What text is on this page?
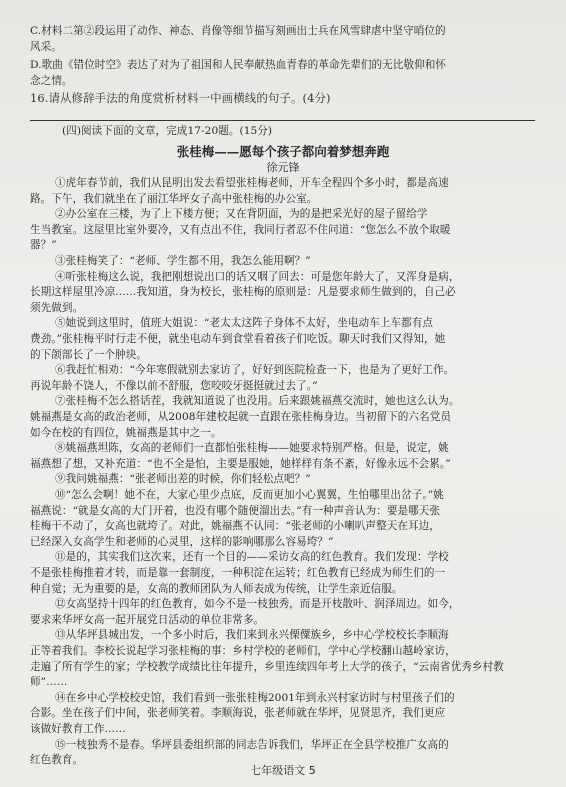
C.材料二第②段运用了动作、神态、肖像等细节描写刻画出士兵在风雪肆虐中坚守哨位的
风采。
D.歌曲《错位时空》表达了对为了祖国和人民奉献热血青春的革命先辈们的无比敬仰和怀
念之情。
16.请从修辞手法的角度赏析材料一中画横线的句子。(4分)
(四)阅读下面的文章，完成17-20题。(15分)
张桂梅——愿每个孩子都向着梦想奔跑
徐元锋
①虎年春节前，我们从昆明出发去看望张桂梅老师，开车全程四个多小时，都是高速
路。下午，我们就坐在了丽江华坪女子高中张桂梅的办公室。
②办公室在三楼，为了上下楼方便；又在背阴面，为的是把采光好的屋子留给学
生当教室。这屋里比室外要冷，又有点出不住，我同行者忍不住问道：“您怎么不放个取暖
器？”
③张桂梅笑了：“老师、学生都不用，我怎么能用啊？”
④听张桂梅这么说，我把刚想说出口的话又咽了回去：可是您年龄大了，又浑身是病，
长期这样屋里冷凉……我知道，身为校长，张桂梅的原则是：凡是要求师生做到的，自己必
须先做到。
⑤她说到这里时，值班大姐说：“老太太这阵子身体不太好，坐电动车上车都有点
费劲。”张桂梅平时行走不便，就坐电动车到食堂看着孩子们吃饭。聊天时我们又得知，她
的下颌部长了一个肿块。
⑥我赶忙相劝：“今年寒假就别去家访了，好好到医院检查一下，也是为了更好工作。
再说年龄不饶人，不像以前不舒服，您咬咬牙挺挺就过去了。”
⑦张桂梅不怎么搭话茬，我就知道说了也没用。后来跟姚福燕交流时，她也这么认为。
姚福燕是女高的政治老师，从2008年建校起就一直跟在张桂梅身边。当初留下的六名党员
如今在校的有四位，姚福燕是其中之一。
⑧姚福燕坦陈，女高的老师们一直都怕张桂梅——她要求特别严格。但是，说定，姚
福燕想了想，又补充道：“也不全是怕，主要是服她，她样样有条不紊，好像永远不会累。”
⑨我问姚福燕：“张老师出差的时候，你们轻松点吧？”
⑩“怎么会啊！她不在，大家心里少点底，反而更加小心翼翼，生怕哪里出岔子。”姚
福燕说：“就是女高的大门开着，也没有哪个随便溜出去。”有一种声音认为：要是哪天张
桂梅干不动了，女高也就垮了。对此，姚福燕不认同：“张老师的小喇叭声整天在耳边，
已经深入女高学生和老师的心灵里，这样的影响哪那么容易垮？”
⑪是的，其实我们这次来，还有一个目的——采访女高的红色教育。我们发现：学校
不是张桂梅推着才转，而是靠一套制度，一种积淀在运转；红色教育已经成为师生们的一
种自觉；无为重要的是，女高的教师团队为人师表成为传统，让学生亲近信服。
⑫女高坚持十四年的红色教育，如今不是一枝独秀，而是开枝散叶、润泽周边。如今，
要求来华坪女高一起开展党日活动的单位非常多。
⑬从华坪县城出发，一个多小时后，我们来到永兴傈僳族乡，乡中心学校校长李顺海
正等着我们。李校长说起学习张桂梅的事：乡村学校的老师们，学中心学校翻山越岭家访，
走遍了所有学生的家；学校教学成绩比往年提升，乡里连续四年考上大学的孩子，“云南省优秀乡村教
师”……
⑭在乡中心学校校史馆，我们看到一张张桂梅2001年到永兴村家访时与村里孩子们的
合影。坐在孩子们中间，张老师笑着。李顺海说，张老师就在华坪，见贤思齐，我们更应
该做好教育工作……
⑮一枝独秀不是春。华坪县委组织部的同志告诉我们，华坪正在全县学校推广女高的
红色教育。
七年级语文 5
